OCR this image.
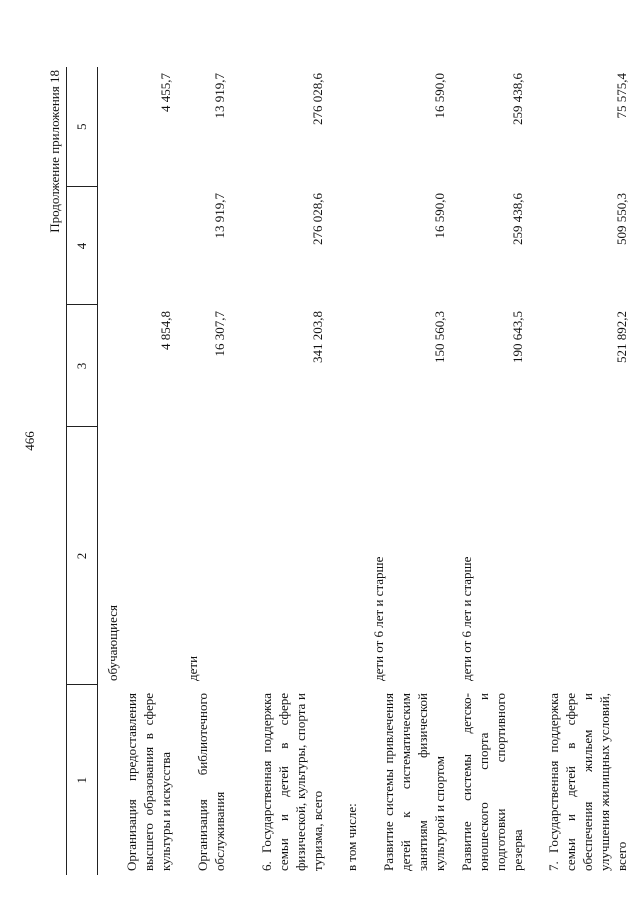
466
Продолжение приложения 18
1	2	3	4	5
Организация предоставления высшего образования в сфере культуры и искусства	обучающиеся	4 854,8		4 455,7
Организация библиотечного обслуживания	дети	16 307,7	13 919,7	13 919,7
6. Государственная поддержка семьи и детей в сфере физической, культуры, спорта и туризма, всего		341 203,8	276 028,6	276 028,6
в том числе:				
Развитие системы привлечения детей к систематическим занятиям физической культурой и спортом	дети от 6 лет и старше	150 560,3	16 590,0	16 590,0
Развитие системы детско-юношеского спорта и подготовки спортивного резерва	дети от 6 лет и старше	190 643,5	259 438,6	259 438,6
7. Государственная поддержка семьи и детей в сфере обеспечения жильем и улучшения жилищных условий, всего		521 892,2	509 550,3	75 575,4
